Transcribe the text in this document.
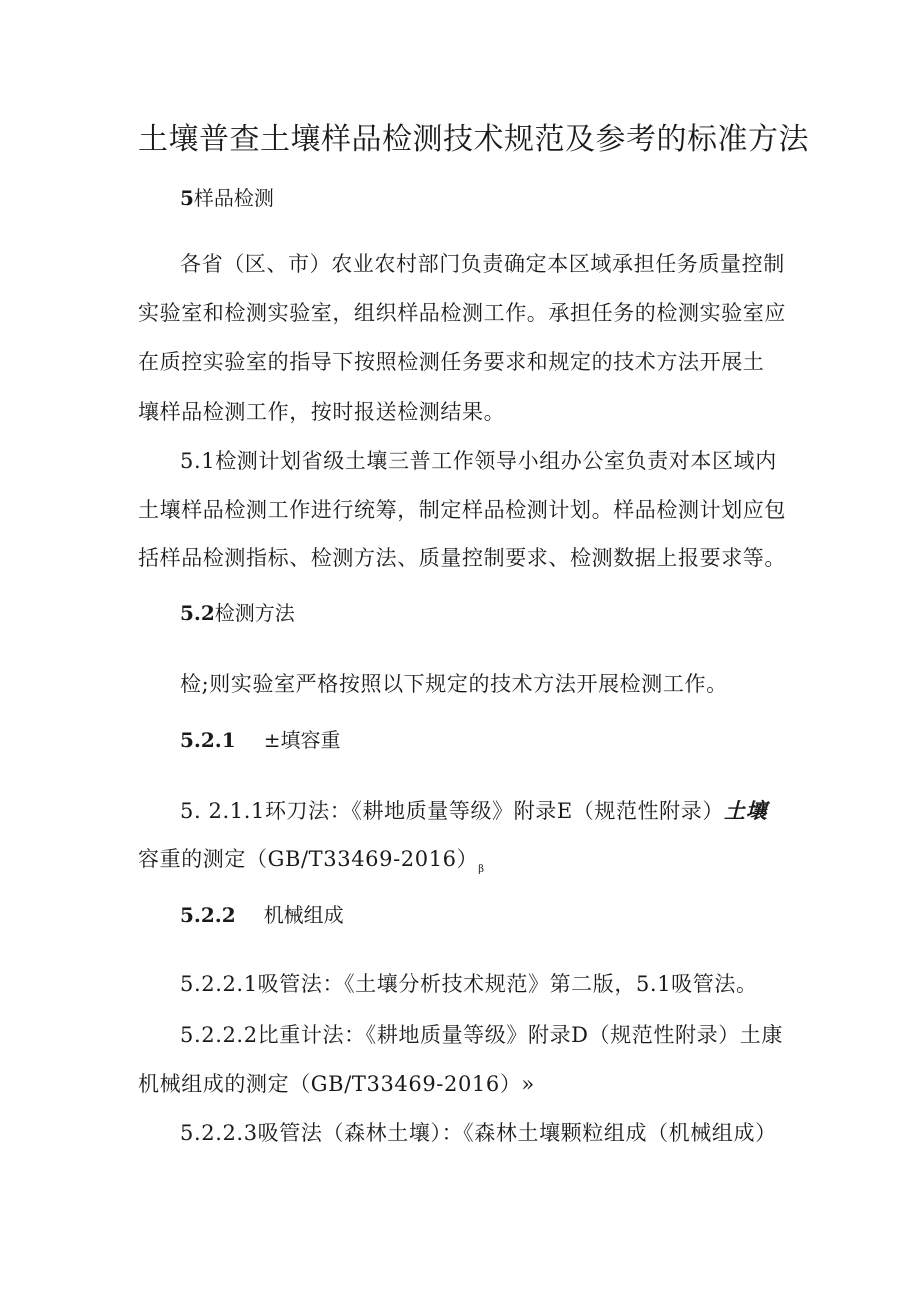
土壤普查土壤样品检测技术规范及参考的标准方法
5样品检测
各省（区、市）农业农村部门负责确定本区域承担任务质量控制
实验室和检测实验室，组织样品检测工作。承担任务的检测实验室应
在质控实验室的指导下按照检测任务要求和规定的技术方法开展土
壤样品检测工作，按时报送检测结果。
5.1检测计划省级土壤三普工作领导小组办公室负责对本区域内
土壤样品检测工作进行统筹，制定样品检测计划。样品检测计划应包
括样品检测指标、检测方法、质量控制要求、检测数据上报要求等。
5.2检测方法
检;则实验室严格按照以下规定的技术方法开展检测工作。
5.2.1 ±填容重
5. 2.1.1环刀法：《耕地质量等级》附录E（规范性附录）土壤
容重的测定$(GB/T33469-2016)_\beta$
5.2.2 机械组成
5.2.2.1吸管法：《土壤分析技术规范》第二版，5.1吸管法。
5.2.2.2比重计法：《耕地质量等级》附录D（规范性附录）土康
机械组成的测定（GB/T33469-2016）»
5.2.2.3吸管法（森林土壤）：《森林土壤颗粒组成（机械组成）
